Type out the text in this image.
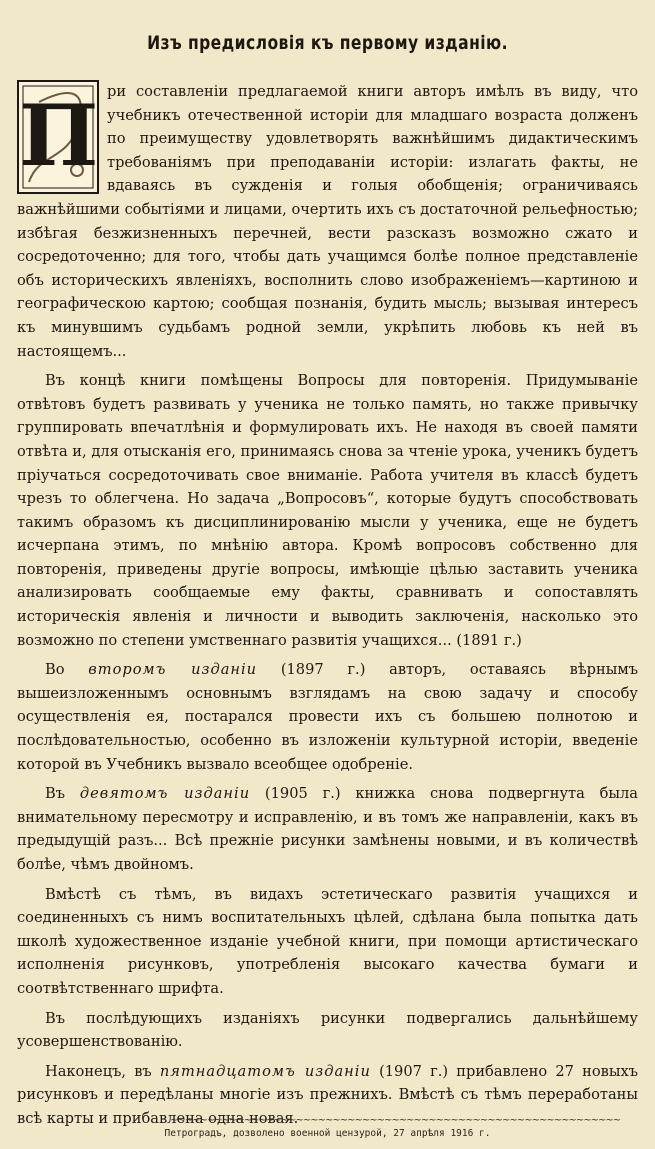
Изъ предисловія къ первому изданію.

П ри составленіи предлагаемой книги авторъ имѣлъ въ виду, что учебникъ отечественной исторіи для младшаго возраста долженъ по преимуществу удовлетворять важнѣйшимъ дидактическимъ требованіямъ при преподаваніи исторіи: излагать факты, не вдаваясь въ сужденія и голыя обобщенія; ограничиваясь важнѣйшими событіями и лицами, очертить ихъ съ достаточной рельефностью; избѣгая безжизненныхъ перечней, вести разсказъ возможно сжато и сосредоточенно; для того, чтобы дать учащимся болѣе полное представленіе объ историческихъ явленіяхъ, восполнить слово изображеніемъ—картиною и географическою картою; сообщая познанія, будить мысль; вызывая интересъ къ минувшимъ судьбамъ родной земли, укрѣпить любовь къ ней въ настоящемъ...

Въ концѣ книги помѣщены Вопросы для повторенія. Придумываніе отвѣтовъ будетъ развивать у ученика не только память, но также привычку группировать впечатлѣнія и формулировать ихъ. Не находя въ своей памяти отвѣта и, для отысканія его, принимаясь снова за чтеніе урока, ученикъ будетъ пріучаться сосредоточивать свое вниманіе. Работа учителя въ классѣ будетъ чрезъ то облегчена. Но задача „Вопросовъ“, которые будутъ способствовать такимъ образомъ къ дисциплинированію мысли у ученика, еще не будетъ исчерпана этимъ, по мнѣнію автора. Кромѣ вопросовъ собственно для повторенія, приведены другіе вопросы, имѣющіе цѣлью заставить ученика анализировать сообщаемые ему факты, сравнивать и сопоставлять историческія явленія и личности и выводить заключенія, насколько это возможно по степени умственнаго развитія учащихся... (1891 г.)

Во второмъ изданіи (1897 г.) авторъ, оставаясь вѣрнымъ вышеизложеннымъ основнымъ взглядамъ на свою задачу и способу осуществленія ея, постарался провести ихъ съ большею полнотою и послѣдовательностью, особенно въ изложеніи культурной исторіи, введеніе которой въ Учебникъ вызвало всеобщее одобреніе.

Въ девятомъ изданіи (1905 г.) книжка снова подвергнута была внимательному пересмотру и исправленію, и въ томъ же направленіи, какъ въ предыдущій разъ... Всѣ прежніе рисунки замѣнены новыми, и въ количествѣ болѣе, чѣмъ двойномъ.

Вмѣстѣ съ тѣмъ, въ видахъ эстетическаго развитія учащихся и соединенныхъ съ нимъ воспитательныхъ цѣлей, сдѣлана была попытка дать школѣ художественное изданіе учебной книги, при помощи артистическаго исполненія рисунковъ, употребленія высокаго качества бумаги и соотвѣтственнаго шрифта.

Въ послѣдующихъ изданіяхъ рисунки подвергались дальнѣйшему усовершенствованію.

Наконецъ, въ пятнадцатомъ изданіи (1907 г.) прибавлено 27 новыхъ рисунковъ и передѣланы многіе изъ прежнихъ. Вмѣстѣ съ тѣмъ переработаны всѣ карты и прибавлена одна новая.

~~~~~~~~~~~~~~~~~~~~~~~~~~~~~~~~~~~~~~~~~~~~~~~~~~~~~~~~~~~~~
Петроградъ, дозволено военной цензурой, 27 апрѣля 1916 г.
